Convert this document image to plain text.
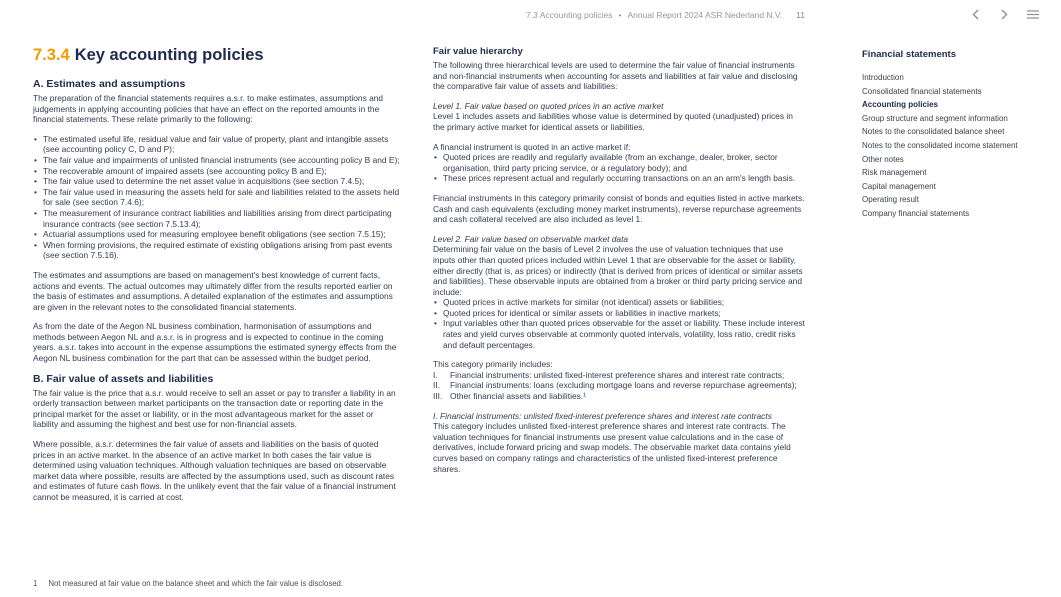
7.3 Accounting policies • Annual Report 2024 ASR Nederland N.V. 11
7.3.4 Key accounting policies
A. Estimates and assumptions

The preparation of the financial statements requires a.s.r. to make estimates, assumptions and judgements in applying accounting policies that have an effect on the reported amounts in the financial statements. These relate primarily to the following:

• The estimated useful life, residual value and fair value of property, plant and intangible assets (see accounting policy C, D and P);
• The fair value and impairments of unlisted financial instruments (see accounting policy B and E);
• The recoverable amount of impaired assets (see accounting policy B and E);
• The fair value used to determine the net asset value in acquisitions (see section 7.4.5);
• The fair value used in measuring the assets held for sale and liabilities related to the assets held for sale (see section 7.4.6);
• The measurement of insurance contract liabilities and liabilities arising from direct participating insurance contracts (see section 7.5.13.4);
• Actuarial assumptions used for measuring employee benefit obligations (see section 7.5.15);
• When forming provisions, the required estimate of existing obligations arising from past events (see section 7.5.16).

The estimates and assumptions are based on management's best knowledge of current facts, actions and events. The actual outcomes may ultimately differ from the results reported earlier on the basis of estimates and assumptions. A detailed explanation of the estimates and assumptions are given in the relevant notes to the consolidated financial statements.

As from the date of the Aegon NL business combination, harmonisation of assumptions and methods between Aegon NL and a.s.r. is in progress and is expected to continue in the coming years. a.s.r. takes into account in the expense assumptions the estimated synergy effects from the Aegon NL business combination for the part that can be assessed within the budget period.

B. Fair value of assets and liabilities

The fair value is the price that a.s.r. would receive to sell an asset or pay to transfer a liability in an orderly transaction between market participants on the transaction date or reporting date in the principal market for the asset or liability, or in the most advantageous market for the asset or liability and assuming the highest and best use for non-financial assets.

Where possible, a.s.r. determines the fair value of assets and liabilities on the basis of quoted prices in an active market. In the absence of an active market In both cases the fair value is determined using valuation techniques. Although valuation techniques are based on observable market data where possible, results are affected by the assumptions used, such as discount rates and estimates of future cash flows. In the unlikely event that the fair value of a financial instrument cannot be measured, it is carried at cost.

Fair value hierarchy

The following three hierarchical levels are used to determine the fair value of financial instruments and non-financial instruments when accounting for assets and liabilities at fair value and disclosing the comparative fair value of assets and liabilities:

Level 1. Fair value based on quoted prices in an active market

Level 1 includes assets and liabilities whose value is determined by quoted (unadjusted) prices in the primary active market for identical assets or liabilities.

A financial instrument is quoted in an active market if:

• Quoted prices are readily and regularly available (from an exchange, dealer, broker, sector organisation, third party pricing service, or a regulatory body); and
• These prices represent actual and regularly occurring transactions on an an arm's length basis.

Financial instruments in this category primarily consist of bonds and equities listed in active markets. Cash and cash equivalents (excluding money market instruments), reverse repurchase agreements and cash collateral received are also included as level 1.

Level 2. Fair value based on observable market data

Determining fair value on the basis of Level 2 involves the use of valuation techniques that use inputs other than quoted prices included within Level 1 that are observable for the asset or liability, either directly (that is, as prices) or indirectly (that is derived from prices of identical or similar assets and liabilities). These observable inputs are obtained from a broker or third party pricing service and include:

• Quoted prices in active markets for similar (not identical) assets or liabilities;
• Quoted prices for identical or similar assets or liabilities in inactive markets;
• Input variables other than quoted prices observable for the asset or liability. These include interest rates and yield curves observable at commonly quoted intervals, volatility, loss ratio, credit risks and default percentages.

This category primarily includes:

I.	Financial instruments: unlisted fixed-interest preference shares and interest rate contracts;
II.	Financial instruments: loans (excluding mortgage loans and reverse repurchase agreements);
III. Other financial assets and liabilities.¹

I. Financial instruments: unlisted fixed-interest preference shares and interest rate contracts

This category includes unlisted fixed-interest preference shares and interest rate contracts. The valuation techniques for financial instruments use present value calculations and in the case of derivatives, include forward pricing and swap models. The observable market data contains yield curves based on company ratings and characteristics of the unlisted fixed-interest preference shares.

Financial statements
Introduction
Consolidated financial statements
Accounting policies
Group structure and segment information
Notes to the consolidated balance sheet
Notes to the consolidated income statement
Other notes
Risk management
Capital management
Operating result
Company financial statements
1 Not measured at fair value on the balance sheet and which the fair value is disclosed.
